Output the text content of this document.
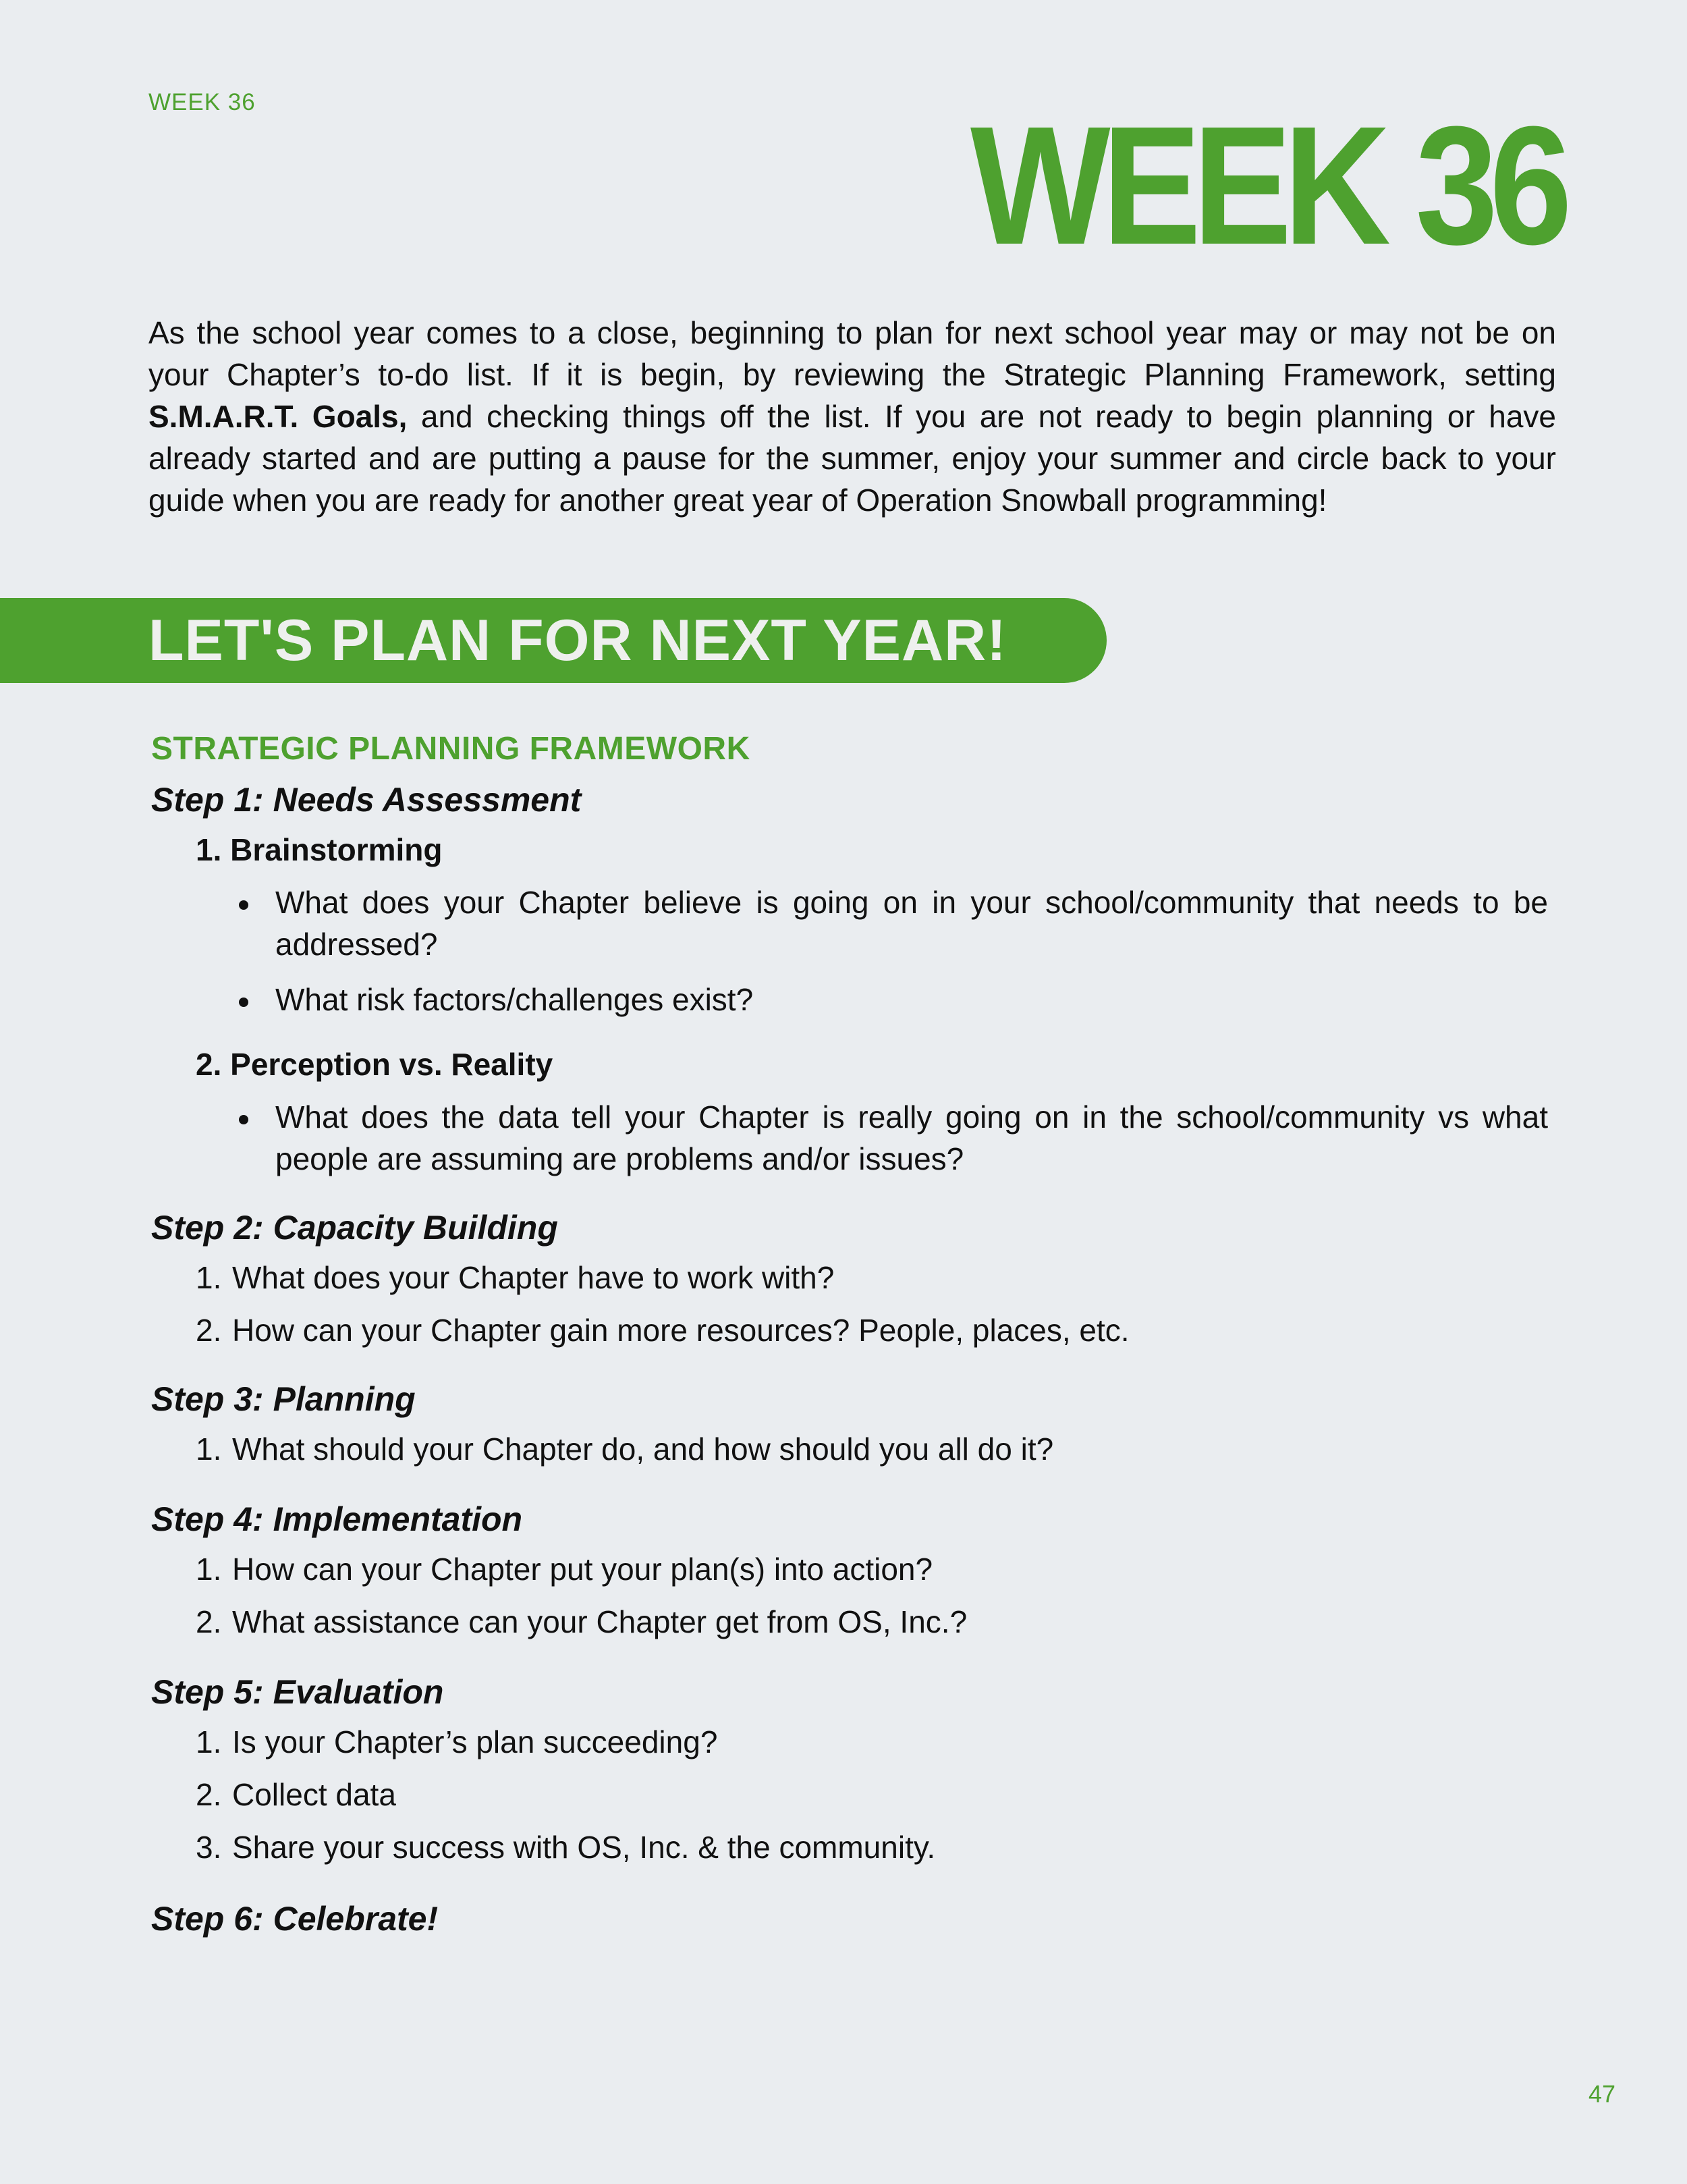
WEEK 36	WEEK 36

As the school year comes to a close, beginning to plan for next school year may or may not be on your Chapter’s to-do list. If it is begin, by reviewing the Strategic Planning Framework, setting S.M.A.R.T. Goals, and checking things off the list. If you are not ready to begin planning or have already started and are putting a pause for the summer, enjoy your summer and circle back to your guide when you are ready for another great year of Operation Snowball programming!

LET'S PLAN FOR NEXT YEAR!
STRATEGIC PLANNING FRAMEWORK
Step 1: Needs Assessment
1. Brainstorming
What does your Chapter believe is going on in your school/community that needs to be addressed?
What risk factors/challenges exist?
2. Perception vs. Reality
What does the data tell your Chapter is really going on in the school/community vs what people are assuming are problems and/or issues?
Step 2: Capacity Building
1. What does your Chapter have to work with?
2. How can your Chapter gain more resources? People, places, etc.
Step 3: Planning
1. What should your Chapter do, and how should you all do it?
Step 4: Implementation
1. How can your Chapter put your plan(s) into action?
2. What assistance can your Chapter get from OS, Inc.?
Step 5: Evaluation
1. Is your Chapter’s plan succeeding?
2. Collect data
3. Share your success with OS, Inc. & the community.
Step 6: Celebrate!
47
